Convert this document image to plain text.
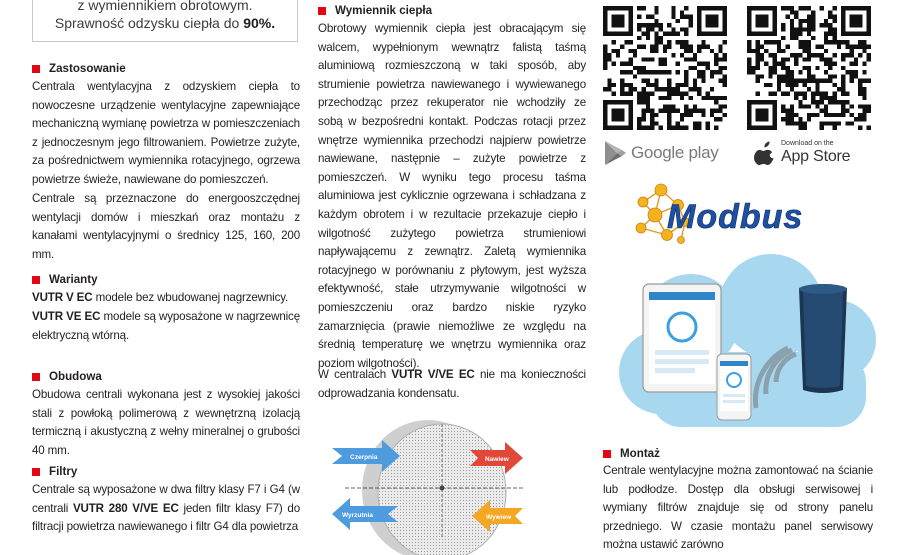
z wymiennikiem obrotowym.
Sprawność odzysku ciepła do 90%.
Zastosowanie

Centrala wentylacyjna z odzyskiem ciepła to nowoczesne urządzenie wentylacyjne zapewniające mechaniczną wymianę powietrza w pomieszczeniach z jednoczesnym jego filtrowaniem. Powietrze zużyte, za pośrednictwem wymiennika rotacyjnego, ogrzewa powietrze świeże, nawiewane do pomieszczeń.

Centrale są przeznaczone do energooszczędnej wentylacji domów i mieszkań oraz montażu z kanałami wentylacyjnymi o średnicy 125, 160, 200 mm.

Warianty

VUTR V EC modele bez wbudowanej nagrzewnicy.

VUTR VE EC modele są wyposażone w nagrzewnicę elektryczną wtórną.

Obudowa

Obudowa centrali wykonana jest z wysokiej jakości stali z powłoką polimerową z wewnętrzną izolacją termiczną i akustyczną z wełny mineralnej o grubości 40 mm.

Filtry

Centrale są wyposażone w dwa filtry klasy F7 i G4 (w centrali VUTR 280 V/VE EC jeden filtr klasy F7) do filtracji powietrza nawiewanego i filtr G4 dla powietrza

Wymiennik ciepła

Obrotowy wymiennik ciepła jest obracającym się walcem, wypełnionym wewnątrz falistą taśmą aluminiową rozmieszczoną w taki sposób, aby strumienie powietrza nawiewanego i wywiewanego przechodząc przez rekuperator nie wchodziły ze sobą w bezpośredni kontakt. Podczas rotacji przez wnętrze wymiennika przechodzi najpierw powietrze nawiewane, następnie – zużyte powietrze z pomieszczeń. W wyniku tego procesu taśma aluminiowa jest cyklicznie ogrzewana i schładzana z każdym obrotem i w rezultacie przekazuje ciepło i wilgotność zużytego powietrza strumieniowi napływającemu z zewnątrz. Zaletą wymiennika rotacyjnego w porównaniu z płytowym, jest wyższa efektywność, stałe utrzymywanie wilgotności w pomieszczeniu oraz bardzo niskie ryzyko zamarznięcia (prawie niemożliwe ze względu na średnią temperaturę we wnętrzu wymiennika oraz poziom wilgotności).

W centralach VUTR V/VE EC nie ma konieczności odprowadzania kondensatu.

Czerpnia	Nawiew
Wyrzutnia	Wywiew
Google play	Download on the
App Store
Modbus
Montaż

Centrale wentylacyjne można zamontować na ścianie lub podłodze. Dostęp dla obsługi serwisowej i wymiany filtrów znajduje się od strony panelu przedniego. W czasie montażu panel serwisowy można ustawić zarówno
